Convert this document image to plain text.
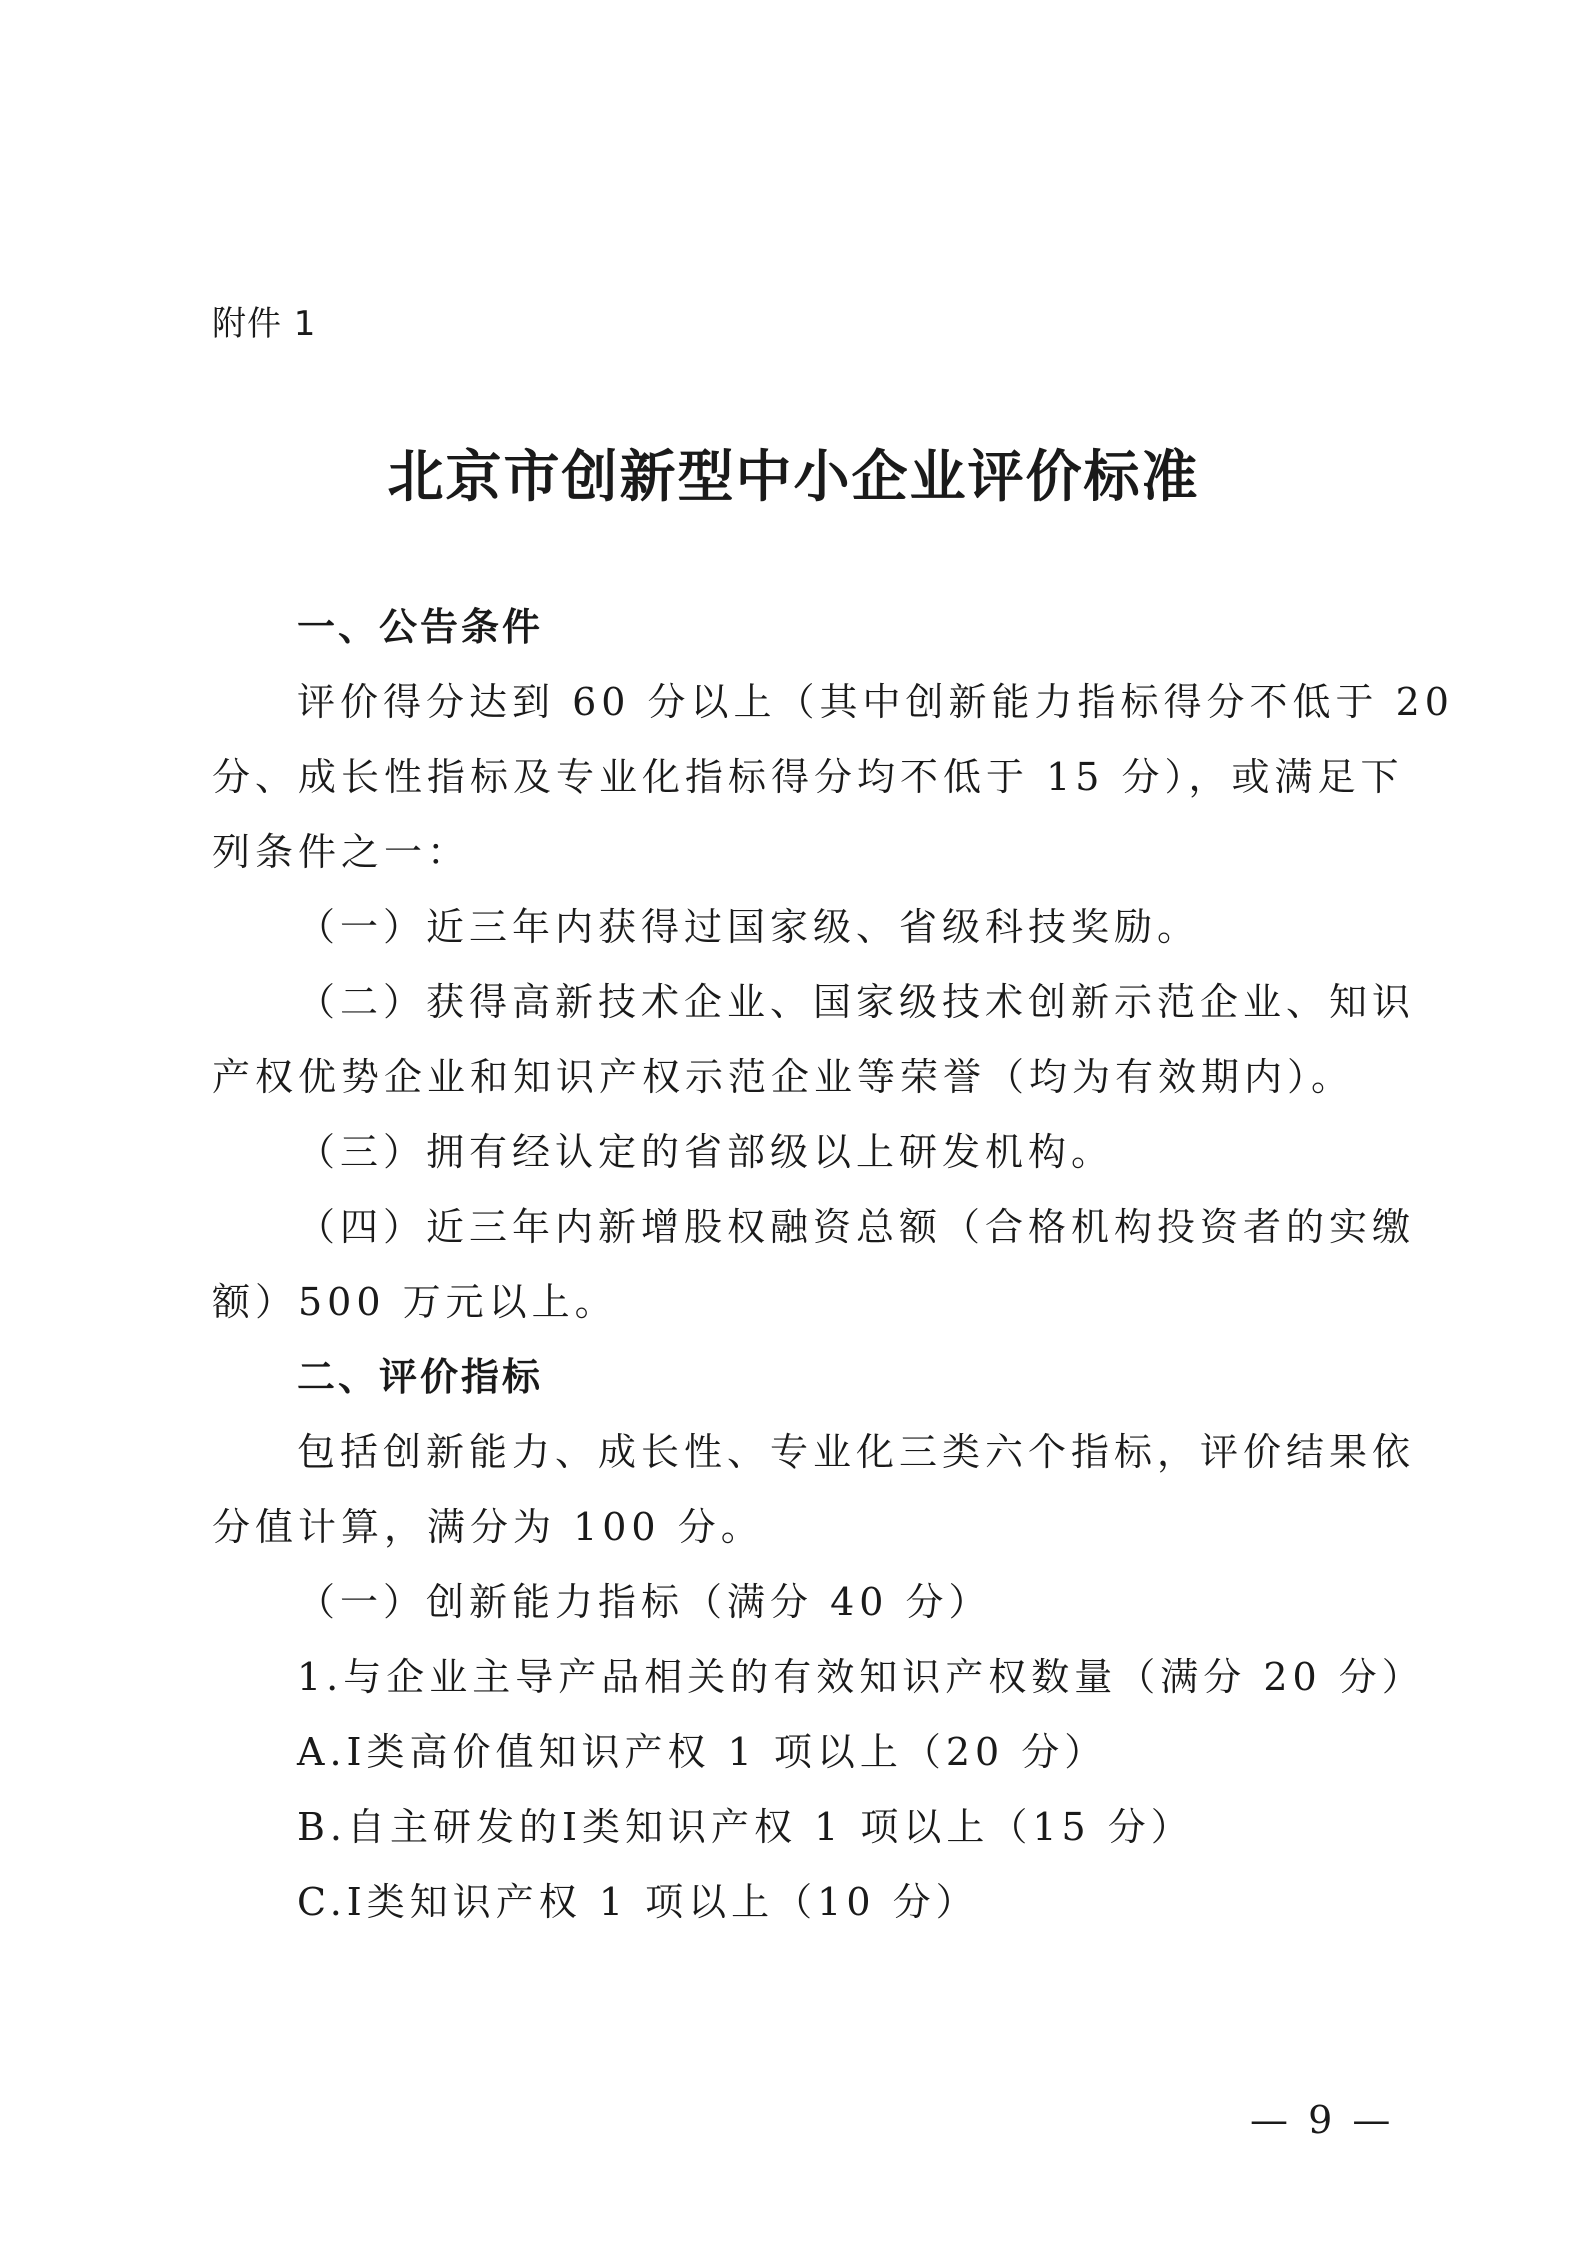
附件 1
北京市创新型中小企业评价标准
一、公告条件
评价得分达到 60 分以上（其中创新能力指标得分不低于 20
分、成长性指标及专业化指标得分均不低于 15 分），或满足下
列条件之一：
（一）近三年内获得过国家级、省级科技奖励。
（二）获得高新技术企业、国家级技术创新示范企业、知识
产权优势企业和知识产权示范企业等荣誉（均为有效期内）。
（三）拥有经认定的省部级以上研发机构。
（四）近三年内新增股权融资总额（合格机构投资者的实缴
额）500 万元以上。
二、评价指标
包括创新能力、成长性、专业化三类六个指标，评价结果依
分值计算，满分为 100 分。
（一）创新能力指标（满分 40 分）
1.与企业主导产品相关的有效知识产权数量（满分 20 分）
A.Ⅰ类高价值知识产权 1 项以上（20 分）
B.自主研发的Ⅰ类知识产权 1 项以上（15 分）
C.Ⅰ类知识产权 1 项以上（10 分）
— 9 —
